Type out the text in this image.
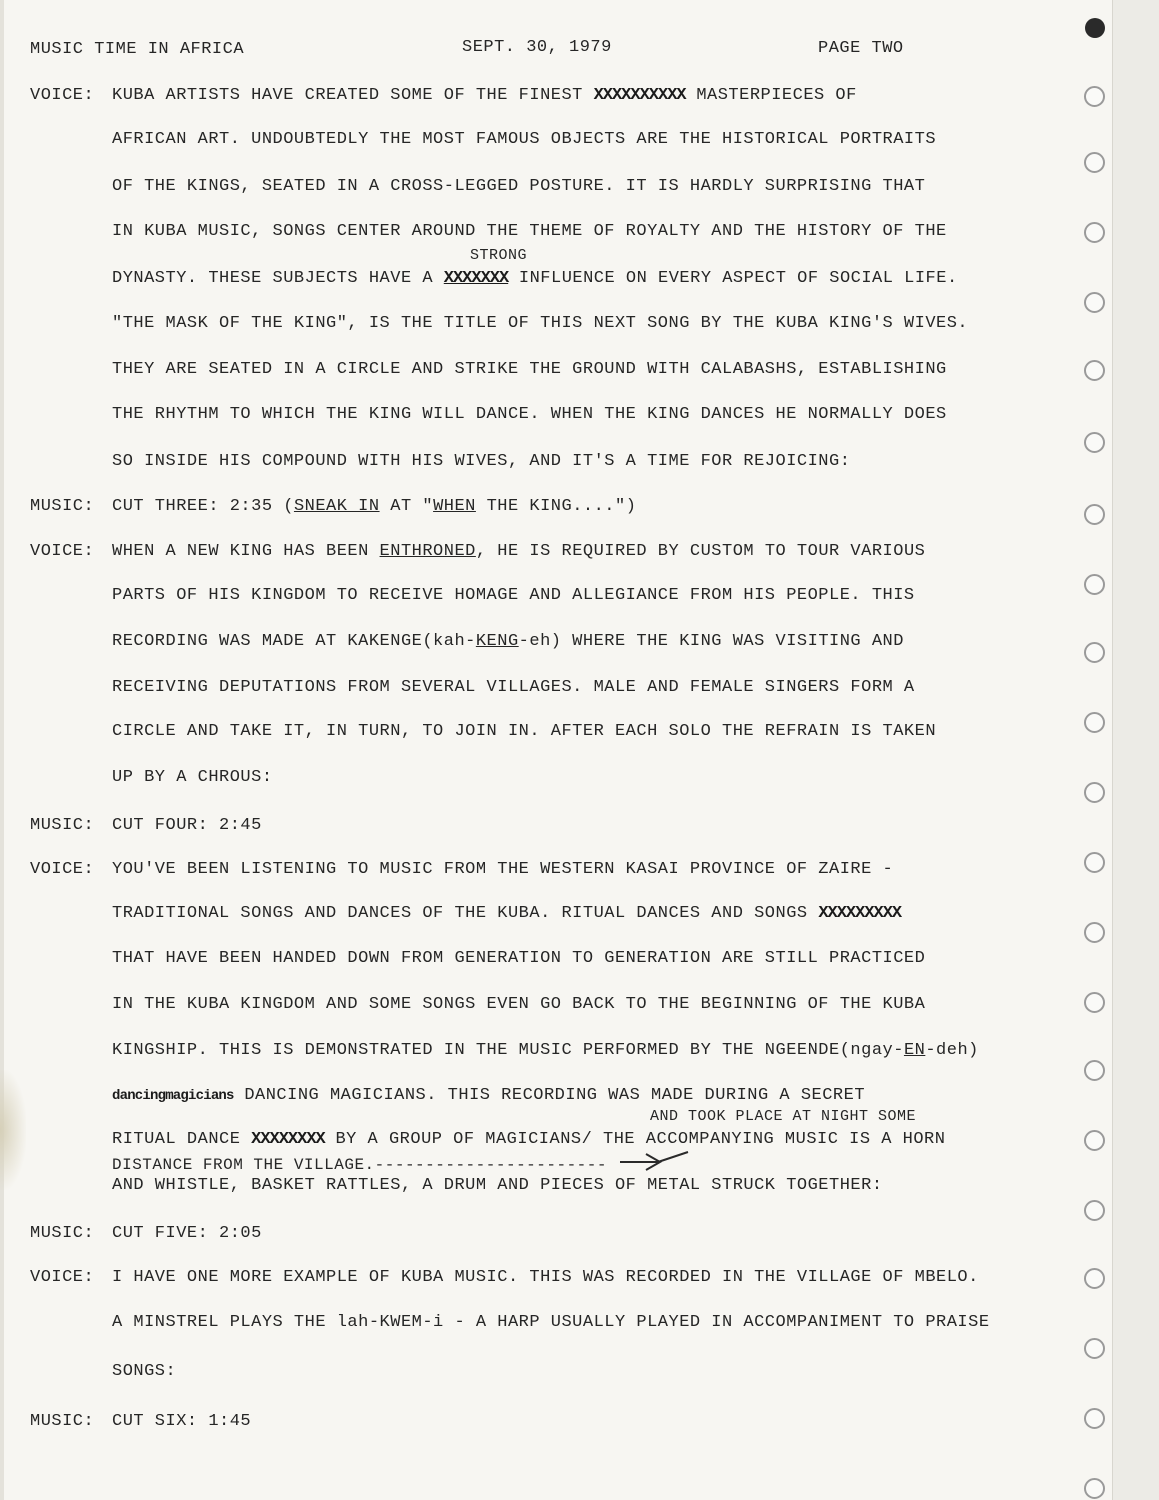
MUSIC TIME IN AFRICA	SEPT. 30, 1979	PAGE TWO
VOICE: KUBA ARTISTS HAVE CREATED SOME OF THE FINEST XXXXXXXXXX MASTERPIECES OF
AFRICAN ART. UNDOUBTEDLY THE MOST FAMOUS OBJECTS ARE THE HISTORICAL PORTRAITS
OF THE KINGS, SEATED IN A CROSS-LEGGED POSTURE. IT IS HARDLY SURPRISING THAT
IN KUBA MUSIC, SONGS CENTER AROUND THE THEME OF ROYALTY AND THE HISTORY OF THE
STRONG
DYNASTY. THESE SUBJECTS HAVE A XXXXXXX INFLUENCE ON EVERY ASPECT OF SOCIAL LIFE.
"THE MASK OF THE KING", IS THE TITLE OF THIS NEXT SONG BY THE KUBA KING'S WIVES.
THEY ARE SEATED IN A CIRCLE AND STRIKE THE GROUND WITH CALABASHS, ESTABLISHING
THE RHYTHM TO WHICH THE KING WILL DANCE. WHEN THE KING DANCES HE NORMALLY DOES
SO INSIDE HIS COMPOUND WITH HIS WIVES, AND IT'S A TIME FOR REJOICING:
MUSIC: CUT THREE: 2:35 (SNEAK IN AT "WHEN THE KING....")
VOICE: WHEN A NEW KING HAS BEEN ENTHRONED, HE IS REQUIRED BY CUSTOM TO TOUR VARIOUS
PARTS OF HIS KINGDOM TO RECEIVE HOMAGE AND ALLEGIANCE FROM HIS PEOPLE. THIS
RECORDING WAS MADE AT KAKENGE(kah-KENG-eh) WHERE THE KING WAS VISITING AND
RECEIVING DEPUTATIONS FROM SEVERAL VILLAGES. MALE AND FEMALE SINGERS FORM A
CIRCLE AND TAKE IT, IN TURN, TO JOIN IN. AFTER EACH SOLO THE REFRAIN IS TAKEN
UP BY A CHROUS:
MUSIC: CUT FOUR: 2:45
VOICE: YOU'VE BEEN LISTENING TO MUSIC FROM THE WESTERN KASAI PROVINCE OF ZAIRE -
TRADITIONAL SONGS AND DANCES OF THE KUBA. RITUAL DANCES AND SONGS XXXXXXXXX
THAT HAVE BEEN HANDED DOWN FROM GENERATION TO GENERATION ARE STILL PRACTICED
IN THE KUBA KINGDOM AND SOME SONGS EVEN GO BACK TO THE BEGINNING OF THE KUBA
KINGSHIP. THIS IS DEMONSTRATED IN THE MUSIC PERFORMED BY THE NGEENDE(ngay-EN-deh)
dancingmagicians DANCING MAGICIANS. THIS RECORDING WAS MADE DURING A SECRET
AND TOOK PLACE AT NIGHT SOME
RITUAL DANCE XXXXXXXX BY A GROUP OF MAGICIANS/ THE ACCOMPANYING MUSIC IS A HORN
DISTANCE FROM THE VILLAGE.-----------------------
AND WHISTLE, BASKET RATTLES, A DRUM AND PIECES OF METAL STRUCK TOGETHER:
MUSIC: CUT FIVE: 2:05
VOICE: I HAVE ONE MORE EXAMPLE OF KUBA MUSIC. THIS WAS RECORDED IN THE VILLAGE OF MBELO.
A MINSTREL PLAYS THE lah-KWEM-i - A HARP USUALLY PLAYED IN ACCOMPANIMENT TO PRAISE
SONGS:
MUSIC: CUT SIX: 1:45
